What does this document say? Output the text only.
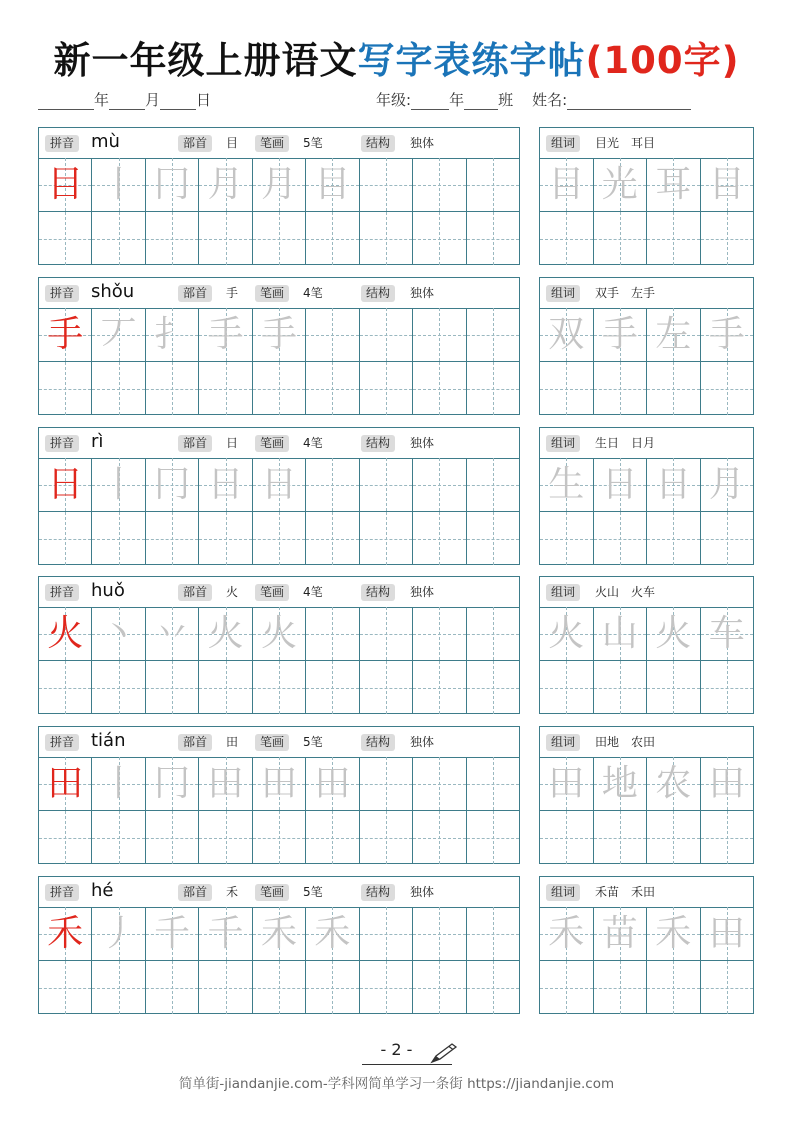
新一年级上册语文写字表练字帖(100字)
年 月 日	年级:	年 班 姓名:
拼音 mù	部首	目	笔画	5笔	结构	独体
目 丨 冂 月 月 目
组词	目光　耳目
目 光 耳 目
拼音 shǒu	部首	手	笔画	4笔	结构	独体
手 丆 扌 手 手
组词	双手　左手
双 手 左 手
拼音 rì	部首	日	笔画	4笔	结构	独体
日 丨 冂 日 日
组词	生日　日月
生 日 日 月
拼音 huǒ	部首	火	笔画	4笔	结构	独体
火 丶 丷 火 火
组词	火山　火车
火 山 火 车
拼音 tián	部首	田	笔画	5笔	结构	独体
田 丨 冂 田 田 田
组词	田地　农田
田 地 农 田
拼音 hé	部首	禾	笔画	5笔	结构	独体
禾 丿 千 千 禾 禾
组词	禾苗　禾田
禾 苗 禾 田
- 2 -
简单街-jiandanjie.com-学科网简单学习一条街 https://jiandanjie.com
